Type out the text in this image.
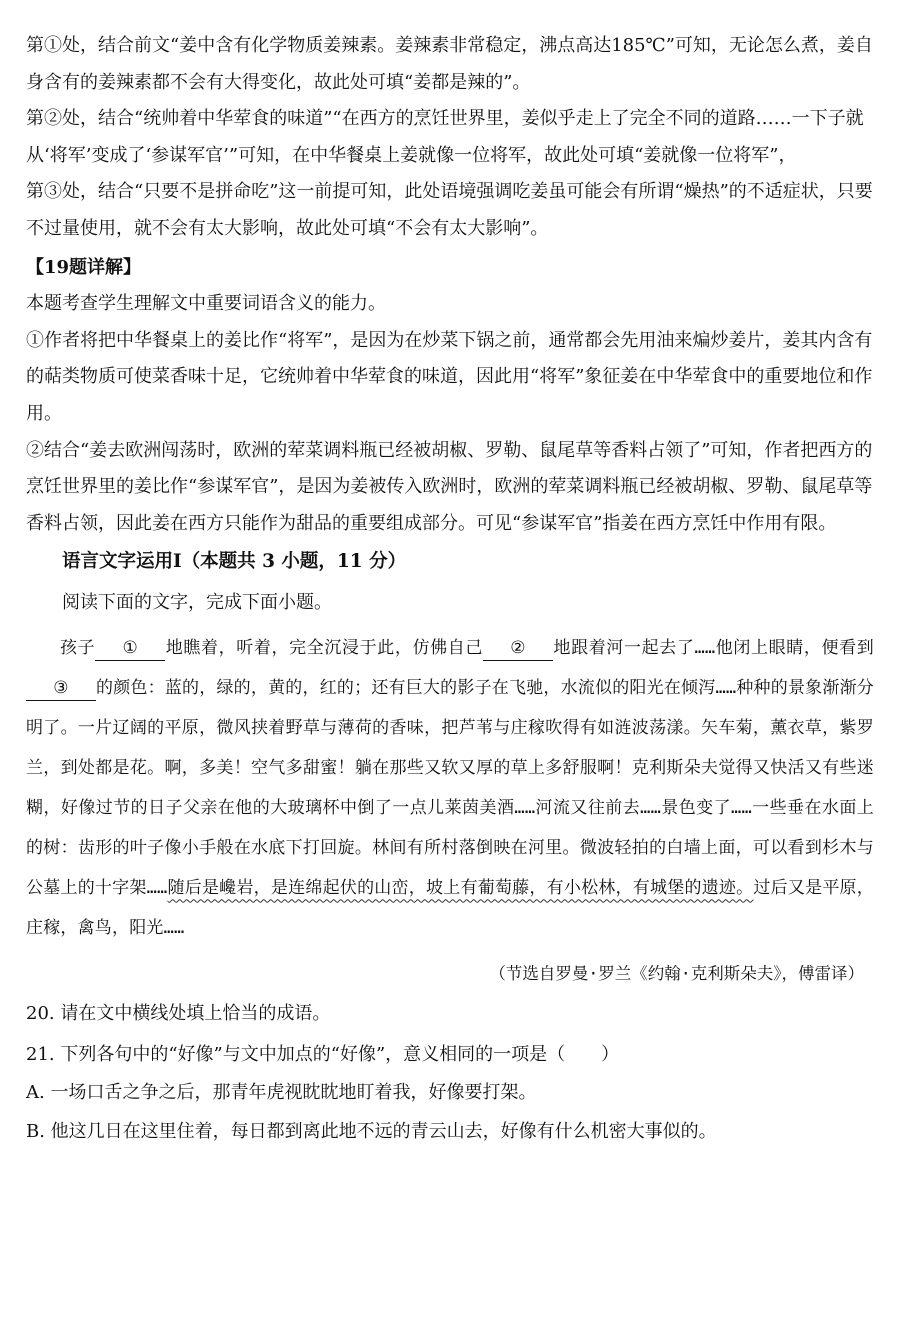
第①处，结合前文“姜中含有化学物质姜辣素。姜辣素非常稳定，沸点高达185℃”可知，无论怎么煮，姜自身含有的姜辣素都不会有大得变化，故此处可填“姜都是辣的”。

第②处，结合“统帅着中华荤食的味道”“在西方的烹饪世界里，姜似乎走上了完全不同的道路……一下子就从‘将军’变成了‘参谋军官’”可知，在中华餐桌上姜就像一位将军，故此处可填“姜就像一位将军”，

第③处，结合“只要不是拼命吃”这一前提可知，此处语境强调吃姜虽可能会有所谓“燥热”的不适症状，只要不过量使用，就不会有太大影响，故此处可填“不会有太大影响”。

【19题详解】

本题考查学生理解文中重要词语含义的能力。

①作者将把中华餐桌上的姜比作“将军”，是因为在炒菜下锅之前，通常都会先用油来煸炒姜片，姜其内含有的萜类物质可使菜香味十足，它统帅着中华荤食的味道，因此用“将军”象征姜在中华荤食中的重要地位和作用。

②结合“姜去欧洲闯荡时，欧洲的荤菜调料瓶已经被胡椒、罗勒、鼠尾草等香料占领了”可知，作者把西方的烹饪世界里的姜比作“参谋军官”，是因为姜被传入欧洲时，欧洲的荤菜调料瓶已经被胡椒、罗勒、鼠尾草等香料占领，因此姜在西方只能作为甜品的重要组成部分。可见“参谋军官”指姜在西方烹饪中作用有限。

语言文字运用Ⅰ（本题共 3 小题，11 分）

阅读下面的文字，完成下面小题。

孩子 ① 地瞧着，听着，完全沉浸于此，仿佛自己 ② 地跟着河一起去了……他闭上眼睛，便看到③ 的颜色：蓝的，绿的，黄的，红的；还有巨大的影子在飞驰，水流似的阳光在倾泻……种种的景象渐渐分明了。一片辽阔的平原，微风挟着野草与薄荷的香味，把芦苇与庄稼吹得有如涟波荡漾。矢车菊，薰衣草，紫罗兰，到处都是花。啊，多美！空气多甜蜜！躺在那些又软又厚的草上多舒服啊！克利斯朵夫觉得又快活又有些迷糊，好像过节的日子父亲在他的大玻璃杯中倒了一点儿莱茵美酒……河流又往前去……景色变了……一些垂在水面上的树：齿形的叶子像小手般在水底下打回旋。林间有所村落倒映在河里。微波轻拍的白墙上面，可以看到杉木与公墓上的十字架……随后是巉岩，是连绵起伏的山峦，坡上有葡萄藤，有小松林，有城堡的遗迹。过后又是平原，庄稼，禽鸟，阳光……

（节选自罗曼·罗兰《约翰·克利斯朵夫》，傅雷译）

20. 请在文中横线处填上恰当的成语。

21. 下列各句中的“好像”与文中加点的“好像”，意义相同的一项是（　　）

A. 一场口舌之争之后，那青年虎视眈眈地盯着我，好像要打架。

B. 他这几日在这里住着，每日都到离此地不远的青云山去，好像有什么机密大事似的。
